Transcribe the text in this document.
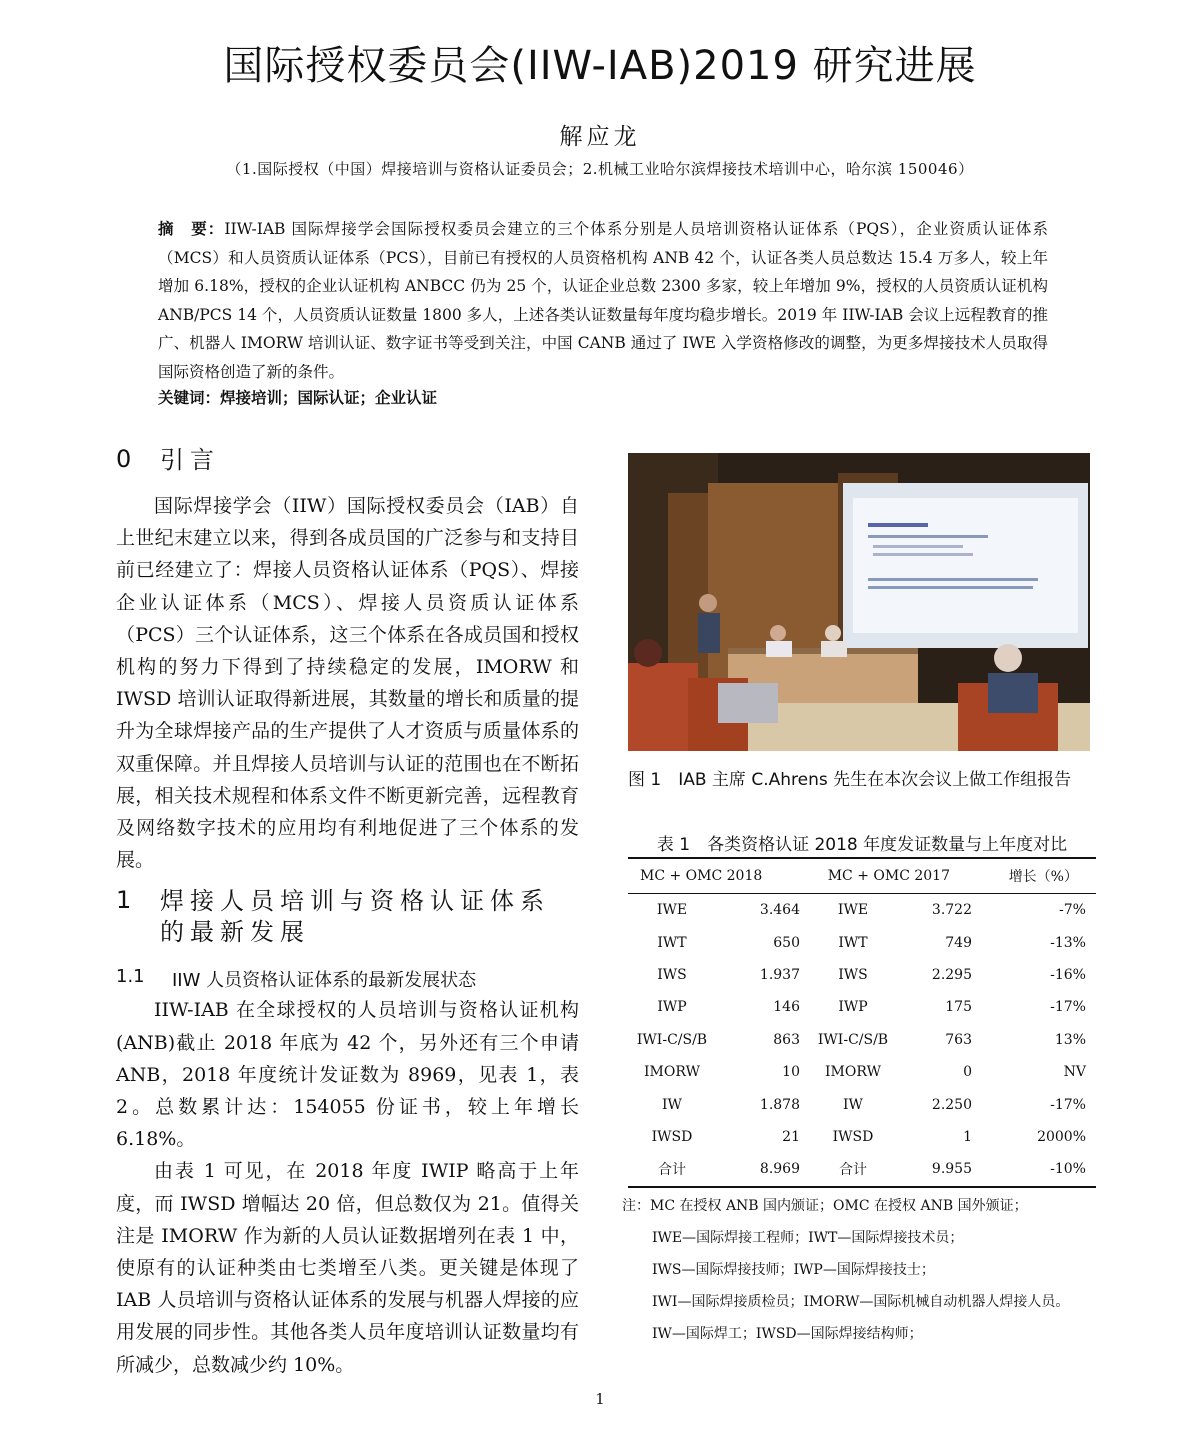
国际授权委员会(IIW-IAB)2019 研究进展
解应龙
（1.国际授权（中国）焊接培训与资格认证委员会；2.机械工业哈尔滨焊接技术培训中心，哈尔滨 150046）
摘　要：IIW-IAB 国际焊接学会国际授权委员会建立的三个体系分别是人员培训资格认证体系（PQS），企业资质认证体系（MCS）和人员资质认证体系（PCS），目前已有授权的人员资格机构 ANB 42 个，认证各类人员总数达 15.4 万多人，较上年增加 6.18%，授权的企业认证机构 ANBCC 仍为 25 个，认证企业总数 2300 多家，较上年增加 9%，授权的人员资质认证机构 ANB/PCS 14 个，人员资质认证数量 1800 多人，上述各类认证数量每年度均稳步增长。2019 年 IIW-IAB 会议上远程教育的推广、机器人 IMORW 培训认证、数字证书等受到关注，中国 CANB 通过了 IWE 入学资格修改的调整，为更多焊接技术人员取得国际资格创造了新的条件。
关键词：焊接培训；国际认证；企业认证
0	引言

国际焊接学会（IIW）国际授权委员会（IAB）自上世纪末建立以来，得到各成员国的广泛参与和支持目前已经建立了：焊接人员资格认证体系（PQS）、焊接企业认证体系（MCS）、焊接人员资质认证体系（PCS）三个认证体系，这三个体系在各成员国和授权机构的努力下得到了持续稳定的发展，IMORW 和 IWSD 培训认证取得新进展，其数量的增长和质量的提升为全球焊接产品的生产提供了人才资质与质量体系的双重保障。并且焊接人员培训与认证的范围也在不断拓展，相关技术规程和体系文件不断更新完善，远程教育及网络数字技术的应用均有利地促进了三个体系的发展。

1	焊接人员培训与资格认证体系的最新发展
1.1	IIW 人员资格认证体系的最新发展状态

IIW-IAB 在全球授权的人员培训与资格认证机构(ANB)截止 2018 年底为 42 个，另外还有三个申请 ANB，2018 年度统计发证数为 8969，见表 1，表 2。总数累计达：154055 份证书，较上年增长 6.18%。

由表 1 可见，在 2018 年度 IWIP 略高于上年度，而 IWSD 增幅达 20 倍，但总数仅为 21。值得关注是 IMORW 作为新的人员认证数据增列在表 1 中，使原有的认证种类由七类增至八类。更关键是体现了 IAB 人员培训与资格认证体系的发展与机器人焊接的应用发展的同步性。其他各类人员年度培训认证数量均有所减少，总数减少约 10%。

图 1　IAB 主席 C.Ahrens 先生在本次会议上做工作组报告
表 1　各类资格认证 2018 年度发证数量与上年度对比
MC + OMC 2018		MC + OMC 2017		增长（%）
IWE	3.464	IWE	3.722	-7%
IWT	650	IWT	749	-13%
IWS	1.937	IWS	2.295	-16%
IWP	146	IWP	175	-17%
IWI-C/S/B	863	IWI-C/S/B	763	13%
IMORW	10	IMORW	0	NV
IW	1.878	IW	2.250	-17%
IWSD	21	IWSD	1	2000%
合计	8.969	合计	9.955	-10%
注：MC 在授权 ANB 国内颁证；OMC 在授权 ANB 国外颁证；
IWE—国际焊接工程师；IWT—国际焊接技术员；
IWS—国际焊接技师；IWP—国际焊接技士；
IWI—国际焊接质检员；IMORW—国际机械自动机器人焊接人员。
IW—国际焊工；IWSD—国际焊接结构师；
1
